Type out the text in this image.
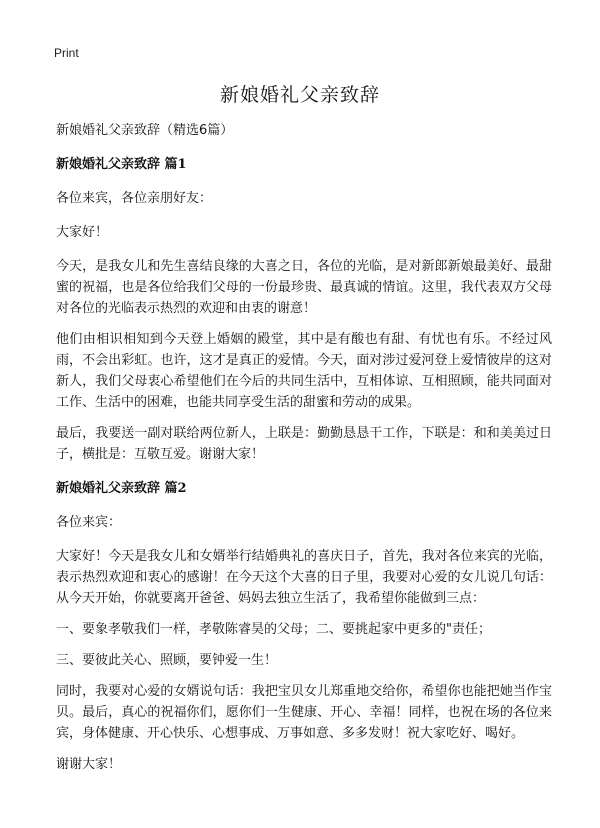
Print
新娘婚礼父亲致辞

新娘婚礼父亲致辞（精选6篇）

新娘婚礼父亲致辞 篇1

各位来宾，各位亲朋好友：

大家好！

今天，是我女儿和先生喜结良缘的大喜之日，各位的光临，是对新郎新娘最美好、最甜蜜的祝福，也是各位给我们父母的一份最珍贵、最真诚的情谊。这里，我代表双方父母对各位的光临表示热烈的欢迎和由衷的谢意！

他们由相识相知到今天登上婚姻的殿堂，其中是有酸也有甜、有忧也有乐。不经过风雨，不会出彩虹。也许，这才是真正的爱情。今天，面对涉过爱河登上爱情彼岸的这对新人，我们父母衷心希望他们在今后的共同生活中，互相体谅、互相照顾，能共同面对工作、生活中的困难，也能共同享受生活的甜蜜和劳动的成果。

最后，我要送一副对联给两位新人，上联是：勤勤恳恳干工作，下联是：和和美美过日子，横批是：互敬互爱。谢谢大家！

新娘婚礼父亲致辞 篇2

各位来宾：

大家好！今天是我女儿和女婿举行结婚典礼的喜庆日子，首先，我对各位来宾的光临，表示热烈欢迎和衷心的感谢！在今天这个大喜的日子里，我要对心爱的女儿说几句话：从今天开始，你就要离开爸爸、妈妈去独立生活了，我希望你能做到三点：

一、要象孝敬我们一样，孝敬陈睿昊的父母；二、要挑起家中更多的"责任；

三、要彼此关心、照顾，要钟爱一生！

同时，我要对心爱的女婿说句话：我把宝贝女儿郑重地交给你，希望你也能把她当作宝贝。最后，真心的祝福你们，愿你们一生健康、开心、幸福！同样，也祝在场的各位来宾，身体健康、开心快乐、心想事成、万事如意、多多发财！祝大家吃好、喝好。

谢谢大家！
